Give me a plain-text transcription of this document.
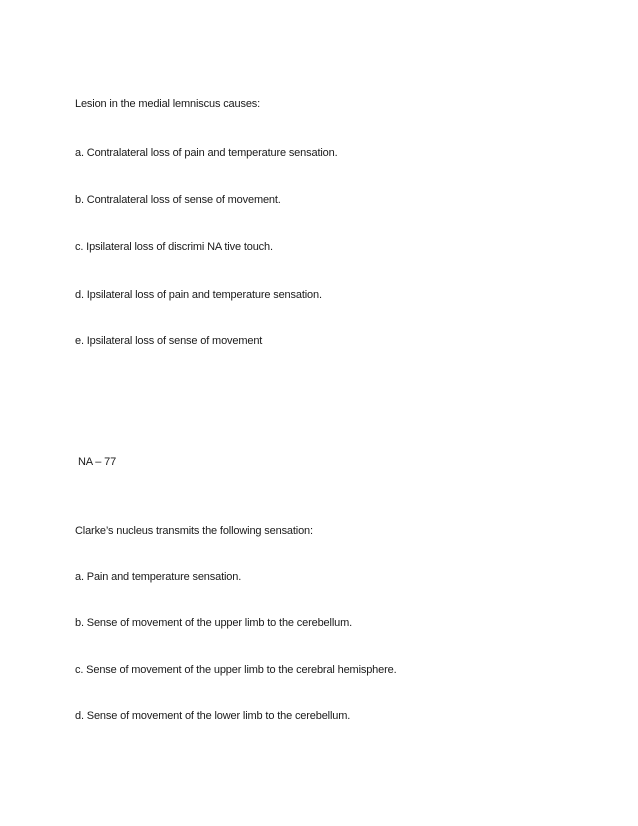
Lesion in the medial lemniscus causes:
a. Contralateral loss of pain and temperature sensation.
b. Contralateral loss of sense of movement.
c. Ipsilateral loss of discrimi NA tive touch.
d. Ipsilateral loss of pain and temperature sensation.
e. Ipsilateral loss of sense of movement
NA – 77
Clarke’s nucleus transmits the following sensation:
a. Pain and temperature sensation.
b. Sense of movement of the upper limb to the cerebellum.
c. Sense of movement of the upper limb to the cerebral hemisphere.
d. Sense of movement of the lower limb to the cerebellum.
